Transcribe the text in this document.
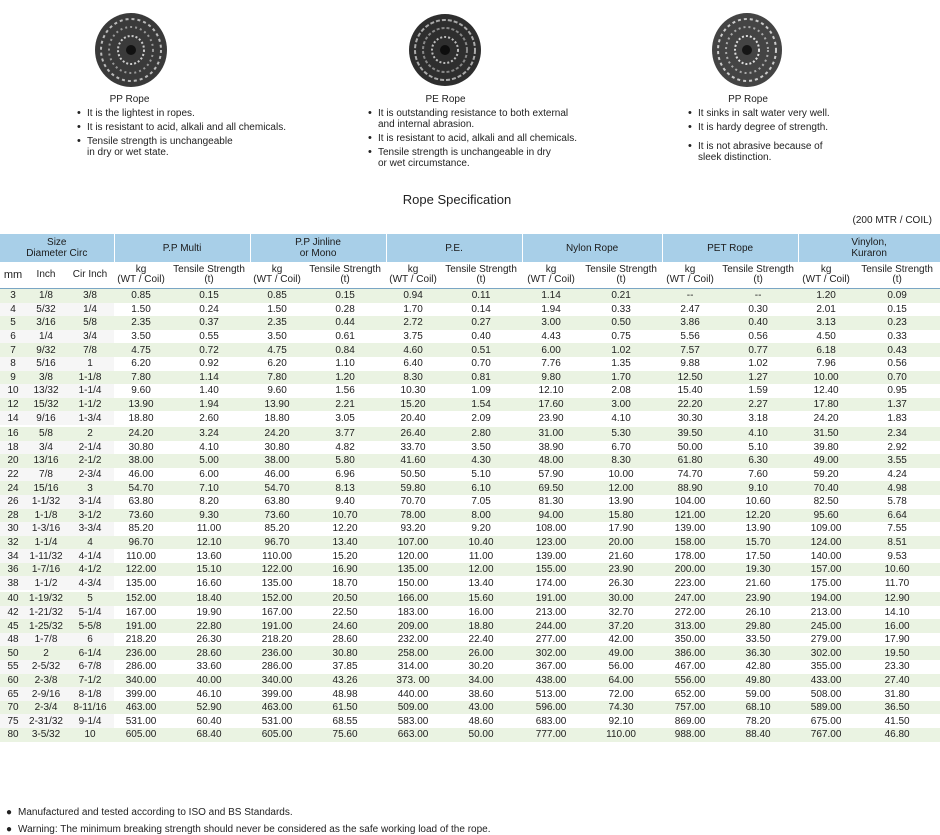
PP Rope
• It is the lightest in ropes.
• It is resistant to acid, alkali and all chemicals.
• Tensile strength is unchangeable
in dry or wet state.
PE Rope
• It is outstanding resistance to both external
and internal abrasion.
• It is resistant to acid, alkali and all chemicals.
• Tensile strength is unchangeable in dry
or wet circumstance.
PP Rope
• It sinks in salt water very well.
• It is hardy degree of strength.
• It is not abrasive because of
sleek distinction.
Rope Specification
(200 MTR / COIL)
Size
Diameter Circ			P.P Multi		P.P Jinline
or Mono		P.E.		Nylon Rope		PET Rope		Vinylon,
Kuraron	
mm	Inch	Cir Inch	kg
(WT / Coil)	Tensile Strength
(t)	kg
(WT / Coil)	Tensile Strength
(t)	kg
(WT / Coil)	Tensile Strength
(t)	kg
(WT / Coil)	Tensile Strength
(t)	kg
(WT / Coil)	Tensile Strength
(t)	kg
(WT / Coil)	Tensile Strength
(t)
3	1/8	3/8	0.85	0.15	0.85	0.15	0.94	0.11	1.14	0.21	--	--	1.20	0.09
4	5/32	1/4	1.50	0.24	1.50	0.28	1.70	0.14	1.94	0.33	2.47	0.30	2.01	0.15
5	3/16	5/8	2.35	0.37	2.35	0.44	2.72	0.27	3.00	0.50	3.86	0.40	3.13	0.23
6	1/4	3/4	3.50	0.55	3.50	0.61	3.75	0.40	4.43	0.75	5.56	0.56	4.50	0.33
7	9/32	7/8	4.75	0.72	4.75	0.84	4.60	0.51	6.00	1.02	7.57	0.77	6.18	0.43
8	5/16	1	6.20	0.92	6.20	1.10	6.40	0.70	7.76	1.35	9.88	1.02	7.96	0.56
9	3/8	1-1/8	7.80	1.14	7.80	1.20	8.30	0.81	9.80	1.70	12.50	1.27	10.00	0.70
10	13/32	1-1/4	9.60	1.40	9.60	1.56	10.30	1.09	12.10	2.08	15.40	1.59	12.40	0.95
12	15/32	1-1/2	13.90	1.94	13.90	2.21	15.20	1.54	17.60	3.00	22.20	2.27	17.80	1.37
14	9/16	1-3/4	18.80	2.60	18.80	3.05	20.40	2.09	23.90	4.10	30.30	3.18	24.20	1.83
16	5/8	2	24.20	3.24	24.20	3.77	26.40	2.80	31.00	5.30	39.50	4.10	31.50	2.34
18	3/4	2-1/4	30.80	4.10	30.80	4.82	33.70	3.50	38.90	6.70	50.00	5.10	39.80	2.92
20	13/16	2-1/2	38.00	5.00	38.00	5.80	41.60	4.30	48.00	8.30	61.80	6.30	49.00	3.55
22	7/8	2-3/4	46.00	6.00	46.00	6.96	50.50	5.10	57.90	10.00	74.70	7.60	59.20	4.24
24	15/16	3	54.70	7.10	54.70	8.13	59.80	6.10	69.50	12.00	88.90	9.10	70.40	4.98
26	1-1/32	3-1/4	63.80	8.20	63.80	9.40	70.70	7.05	81.30	13.90	104.00	10.60	82.50	5.78
28	1-1/8	3-1/2	73.60	9.30	73.60	10.70	78.00	8.00	94.00	15.80	121.00	12.20	95.60	6.64
30	1-3/16	3-3/4	85.20	11.00	85.20	12.20	93.20	9.20	108.00	17.90	139.00	13.90	109.00	7.55
32	1-1/4	4	96.70	12.10	96.70	13.40	107.00	10.40	123.00	20.00	158.00	15.70	124.00	8.51
34	1-11/32	4-1/4	110.00	13.60	110.00	15.20	120.00	11.00	139.00	21.60	178.00	17.50	140.00	9.53
36	1-7/16	4-1/2	122.00	15.10	122.00	16.90	135.00	12.00	155.00	23.90	200.00	19.30	157.00	10.60
38	1-1/2	4-3/4	135.00	16.60	135.00	18.70	150.00	13.40	174.00	26.30	223.00	21.60	175.00	11.70
40	1-19/32	5	152.00	18.40	152.00	20.50	166.00	15.60	191.00	30.00	247.00	23.90	194.00	12.90
42	1-21/32	5-1/4	167.00	19.90	167.00	22.50	183.00	16.00	213.00	32.70	272.00	26.10	213.00	14.10
45	1-25/32	5-5/8	191.00	22.80	191.00	24.60	209.00	18.80	244.00	37.20	313.00	29.80	245.00	16.00
48	1-7/8	6	218.20	26.30	218.20	28.60	232.00	22.40	277.00	42.00	350.00	33.50	279.00	17.90
50	2	6-1/4	236.00	28.60	236.00	30.80	258.00	26.00	302.00	49.00	386.00	36.30	302.00	19.50
55	2-5/32	6-7/8	286.00	33.60	286.00	37.85	314.00	30.20	367.00	56.00	467.00	42.80	355.00	23.30
60	2-3/8	7-1/2	340.00	40.00	340.00	43.26	373. 00	34.00	438.00	64.00	556.00	49.80	433.00	27.40
65	2-9/16	8-1/8	399.00	46.10	399.00	48.98	440.00	38.60	513.00	72.00	652.00	59.00	508.00	31.80
70	2-3/4	8-11/16	463.00	52.90	463.00	61.50	509.00	43.00	596.00	74.30	757.00	68.10	589.00	36.50
75	2-31/32	9-1/4	531.00	60.40	531.00	68.55	583.00	48.60	683.00	92.10	869.00	78.20	675.00	41.50
80	3-5/32	10	605.00	68.40	605.00	75.60	663.00	50.00	777.00	110.00	988.00	88.40	767.00	46.80
● Manufactured and tested according to ISO and BS Standards.
● Warning: The minimum breaking strength should never be considered as the safe working load of the rope.
